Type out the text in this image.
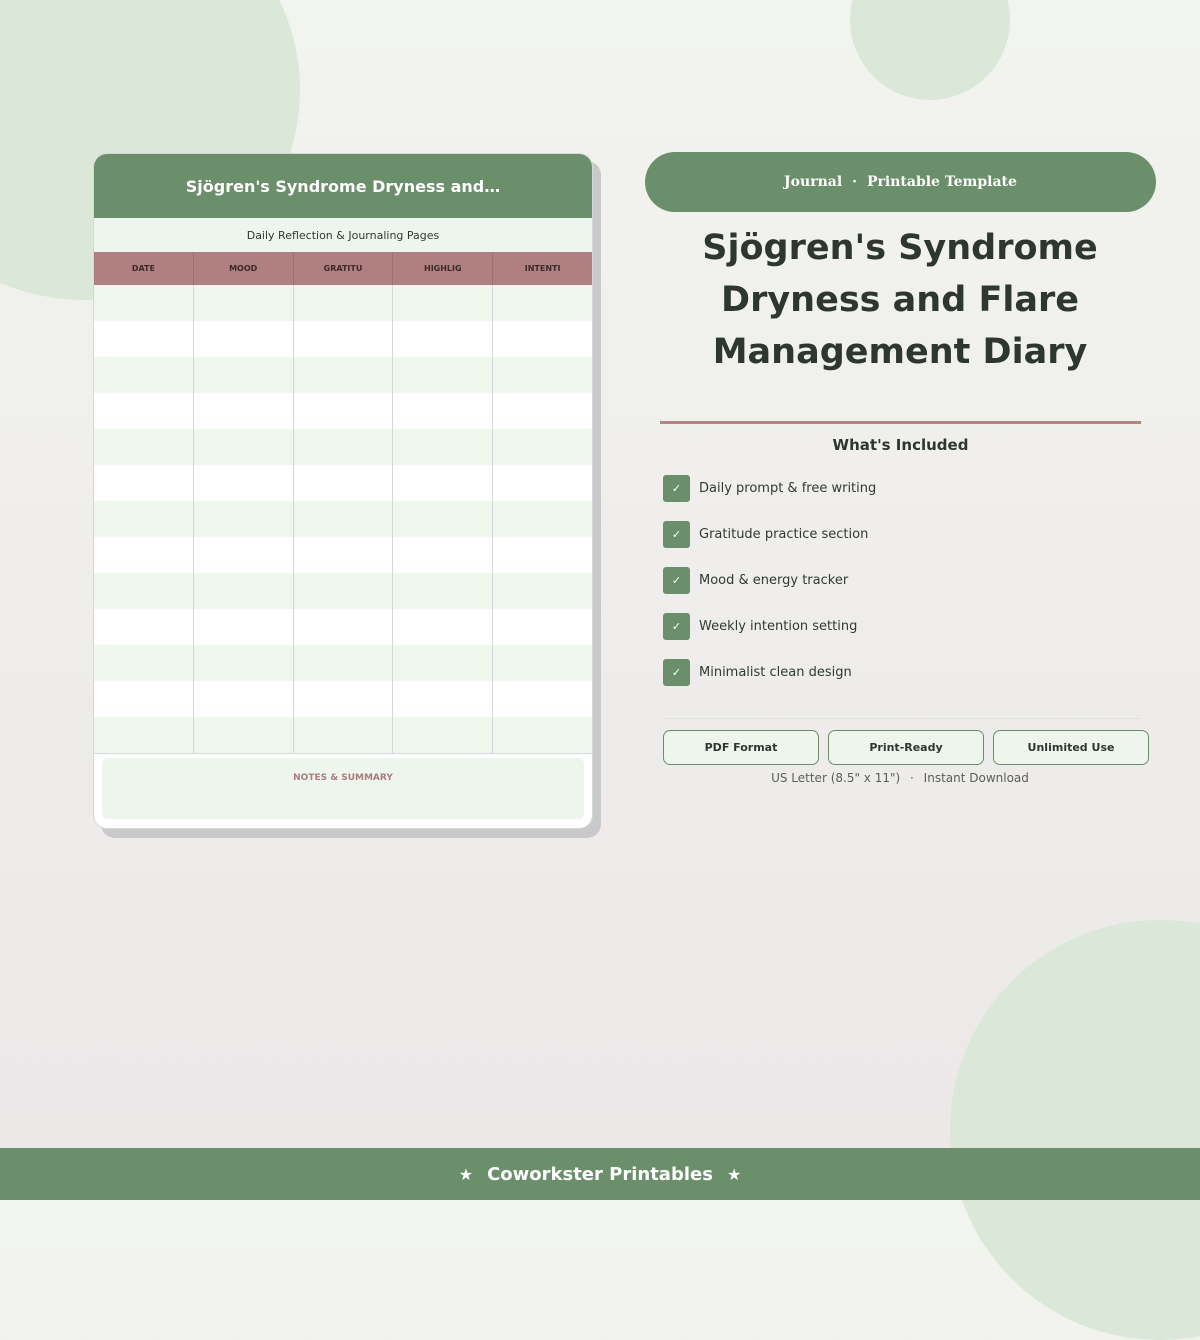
Sjögren's Syndrome Dryness and…
Daily Reflection & Journaling Pages
DATE	MOOD	GRATITU	HIGHLIG	INTENTI
NOTES & SUMMARY
Journal · Printable Template
Sjögren's Syndrome
Dryness and Flare
Management Diary
What's Included
✓	Daily prompt & free writing
✓	Gratitude practice section
✓	Mood & energy tracker
✓	Weekly intention setting
✓	Minimalist clean design
PDF Format	Print-Ready	Unlimited Use
US Letter (8.5" x 11") · Instant Download
★ Coworkster Printables ★
